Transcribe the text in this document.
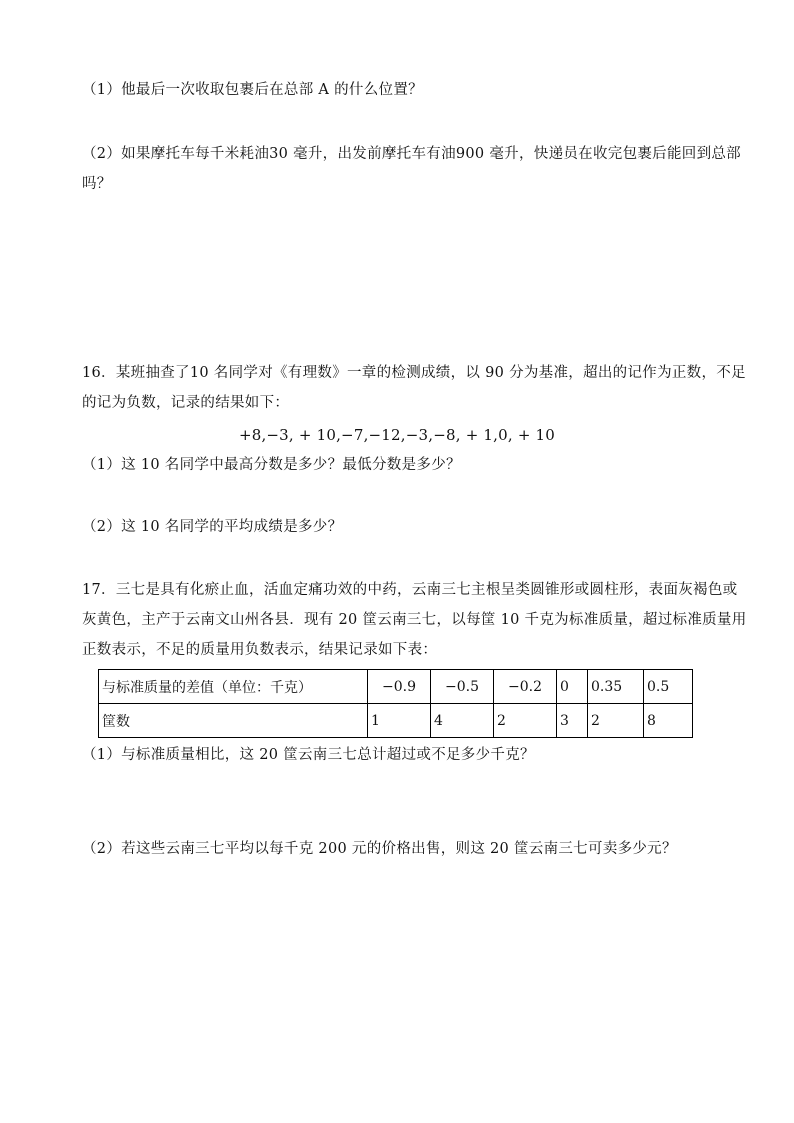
（1）他最后一次收取包裹后在总部 A 的什么位置？
（2）如果摩托车每千米耗油30 毫升，出发前摩托车有油900 毫升，快递员在收完包裹后能回到总部
吗？
16．某班抽查了10 名同学对《有理数》一章的检测成绩，以 90 分为基准，超出的记作为正数，不足
的记为负数，记录的结果如下：
+8,−3, + 10,−7,−12,−3,−8, + 1,0, + 10
（1）这 10 名同学中最高分数是多少？最低分数是多少？
（2）这 10 名同学的平均成绩是多少？
17．三七是具有化瘀止血，活血定痛功效的中药，云南三七主根呈类圆锥形或圆柱形，表面灰褐色或
灰黄色，主产于云南文山州各县．现有 20 筐云南三七，以每筐 10 千克为标准质量，超过标准质量用
正数表示，不足的质量用负数表示，结果记录如下表：
与标准质量的差值（单位：千克）	−0.9	−0.5	−0.2	0	0.35	0.5
筐数	1	4	2	3	2	8
（1）与标准质量相比，这 20 筐云南三七总计超过或不足多少千克？
（2）若这些云南三七平均以每千克 200 元的价格出售，则这 20 筐云南三七可卖多少元？
